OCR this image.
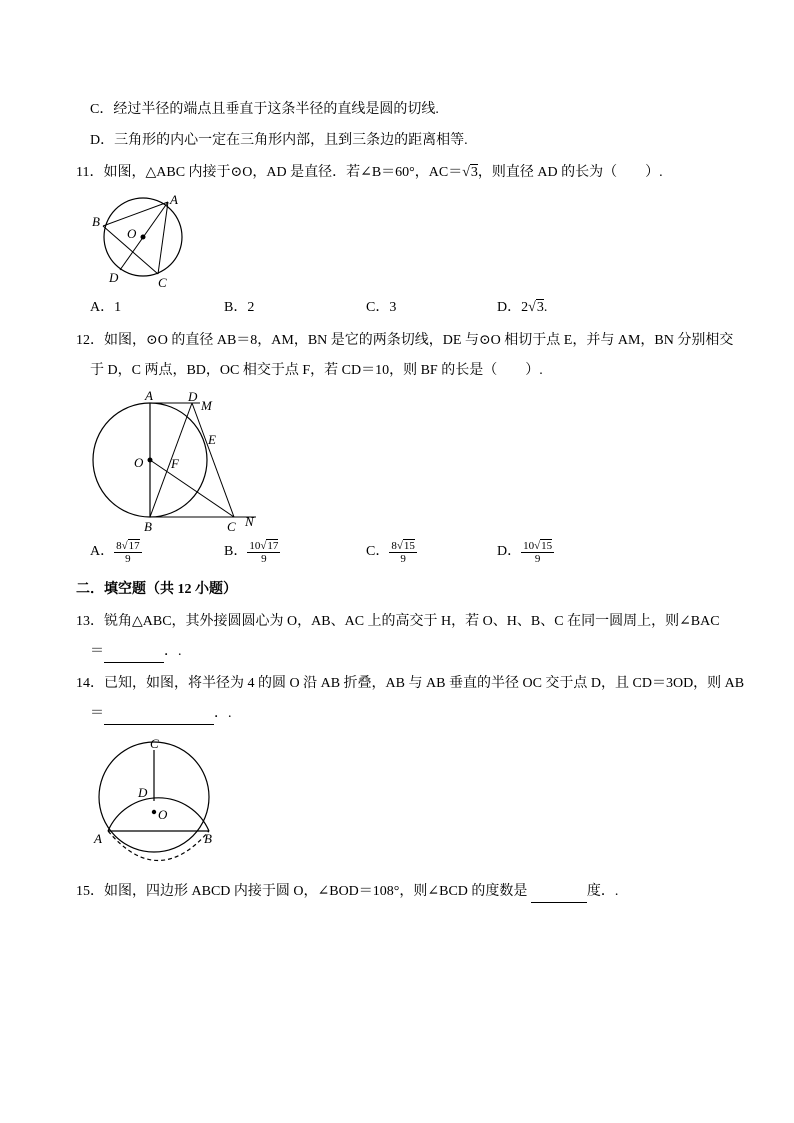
C．经过半径的端点且垂直于这条半径的直线是圆的切线.
D．三角形的内心一定在三角形内部，且到三条边的距离相等.
11．如图，△ABC 内接于⊙O，AD 是直径．若∠B＝60°，AC＝√3，则直径 AD 的长为（　　）.
A
B
C
D
O
A．1	B．2	C．3	D．2√3.
12．如图，⊙O 的直径 AB＝8，AM，BN 是它的两条切线，DE 与⊙O 相切于点 E，并与 AM，BN 分别相交
于 D，C 两点，BD，OC 相交于点 F，若 CD＝10，则 BF 的长是（　　）.
A	D
M
E
O F
B	C N
A． $\frac{8√17}{9}$	B． $\frac{10√17}{9}$	C． $\frac{8√15}{9}$	D． $\frac{10√15}{9}$
二．填空题（共 12 小题）
13．锐角△ABC，其外接圆圆心为 O，AB、AC 上的高交于 H，若 O、H、B、C 在同一圆周上，则∠BAC
＝	．.
14．已知，如图，将半径为 4 的圆 O 沿 AB 折叠，AB 与 AB 垂直的半径 OC 交于点 D，且 CD＝3OD，则 AB
＝	．.
C
D
O
A	B
15．如图，四边形 ABCD 内接于圆 O，∠BOD＝108°，则∠BCD 的度数是	度．.
